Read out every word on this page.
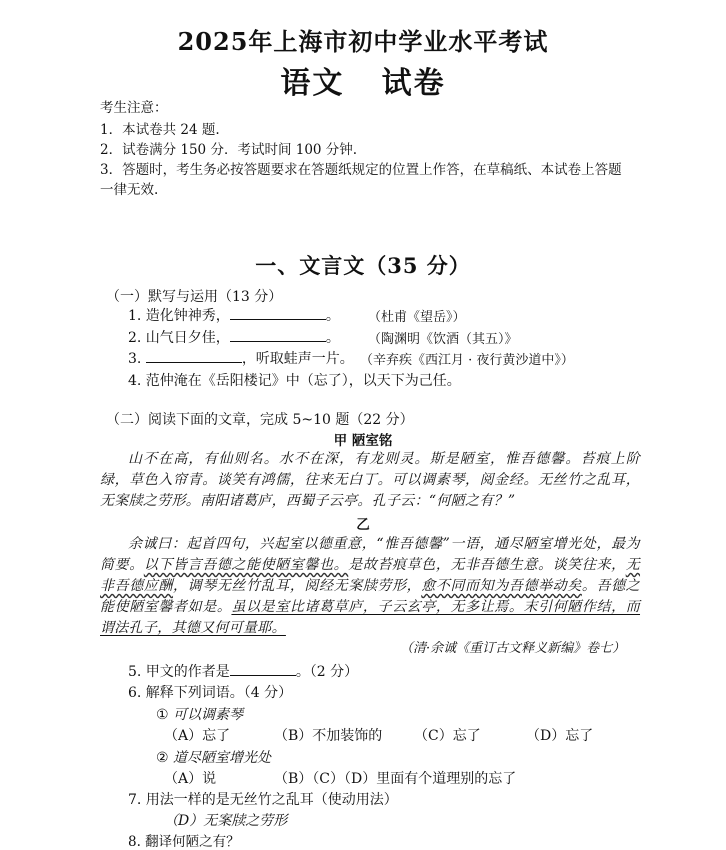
2025年上海市初中学业水平考试
语文   试卷
考生注意：
1．本试卷共 24 题.
2．试卷满分 150 分．考试时间 100 分钟.
3．答题时，考生务必按答题要求在答题纸规定的位置上作答，在草稿纸、本试卷上答题
一律无效.
一、文言文（35 分）
（一）默写与运用（13 分）
1. 造化钟神秀，	。 （杜甫《望岳》）
2. 山气日夕佳，	。 （陶渊明《饮酒（其五）》
3.	，听取蛙声一片。 （辛弃疾《西江月 · 夜行黄沙道中》）
4. 范仲淹在《岳阳楼记》中（忘了），以天下为己任。
（二）阅读下面的文章，完成 5~10 题（22 分）
甲 陋室铭

山不在高，有仙则名。水不在深，有龙则灵。斯是陋室，惟吾德馨。苔痕上阶绿，草色入帘青。谈笑有鸿儒，往来无白丁。可以调素琴，阅金经。无丝竹之乱耳，无案牍之劳形。南阳诸葛庐，西蜀子云亭。孔子云：“何陋之有？”

乙

余诚曰：起首四句，兴起室以德重意，“惟吾德馨”一语，通尽陋室增光处，最为简要。以下皆言吾德之能使陋室馨也。是故苔痕草色，无非吾德生意。谈笑往来，无非吾德应酬，调琴无丝竹乱耳，阅经无案牍劳形，愈不同而知为吾德举动矣。吾德之能使陋室馨者如是。虽以是室比诸葛草庐，子云玄亭，无多让焉。末引何陋作结，而谓法孔子，其德又何可量耶。

（清·余诚《重订古文释义新编》卷七）
5. 甲文的作者是	。（2 分）
6. 解释下列词语。（4 分）
① 可以调素琴
（A）忘了	（B）不加装饰的 （C）忘了	（D）忘了
② 道尽陋室增光处
（A）说	（B）（C）（D）里面有个道理别的忘了
7. 用法一样的是无丝竹之乱耳（使动用法）
（D）无案牍之劳形
8. 翻译何陋之有？
